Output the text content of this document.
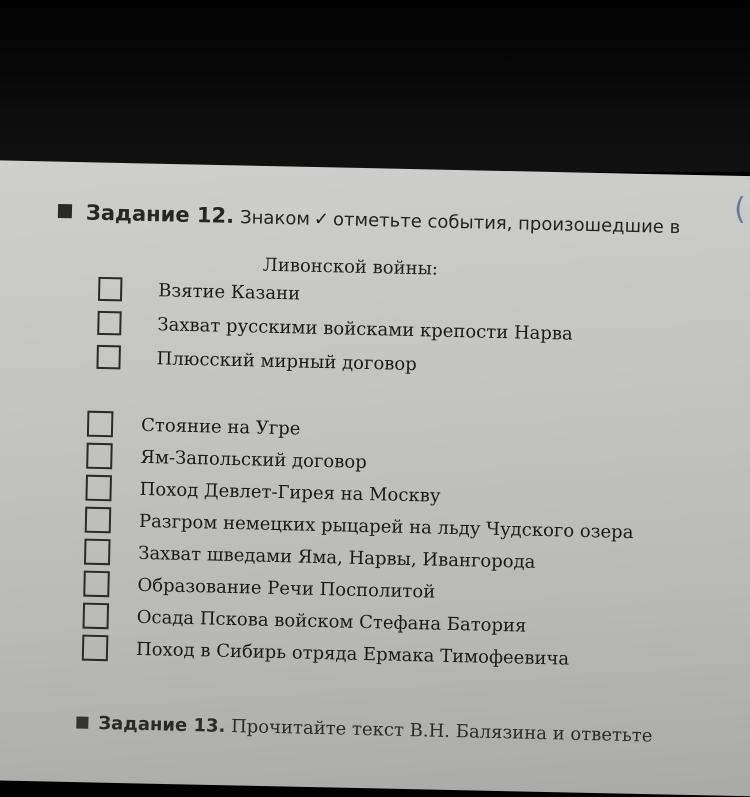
Задание 12. Знаком ✓ отметьте события, произошедшие в
Ливонской войны:
Взятие Казани
Захват русскими войсками крепости Нарва
Плюсский мирный договор
Стояние на Угре
Ям-Запольский договор
Поход Девлет-Гирея на Москву
Разгром немецких рыцарей на льду Чудского озера
Захват шведами Яма, Нарвы, Ивангорода
Образование Речи Посполитой
Осада Пскова войском Стефана Батория
Поход в Сибирь отряда Ермака Тимофеевича
Задание 13. Прочитайте текст В.Н. Балязина и ответьте
(
